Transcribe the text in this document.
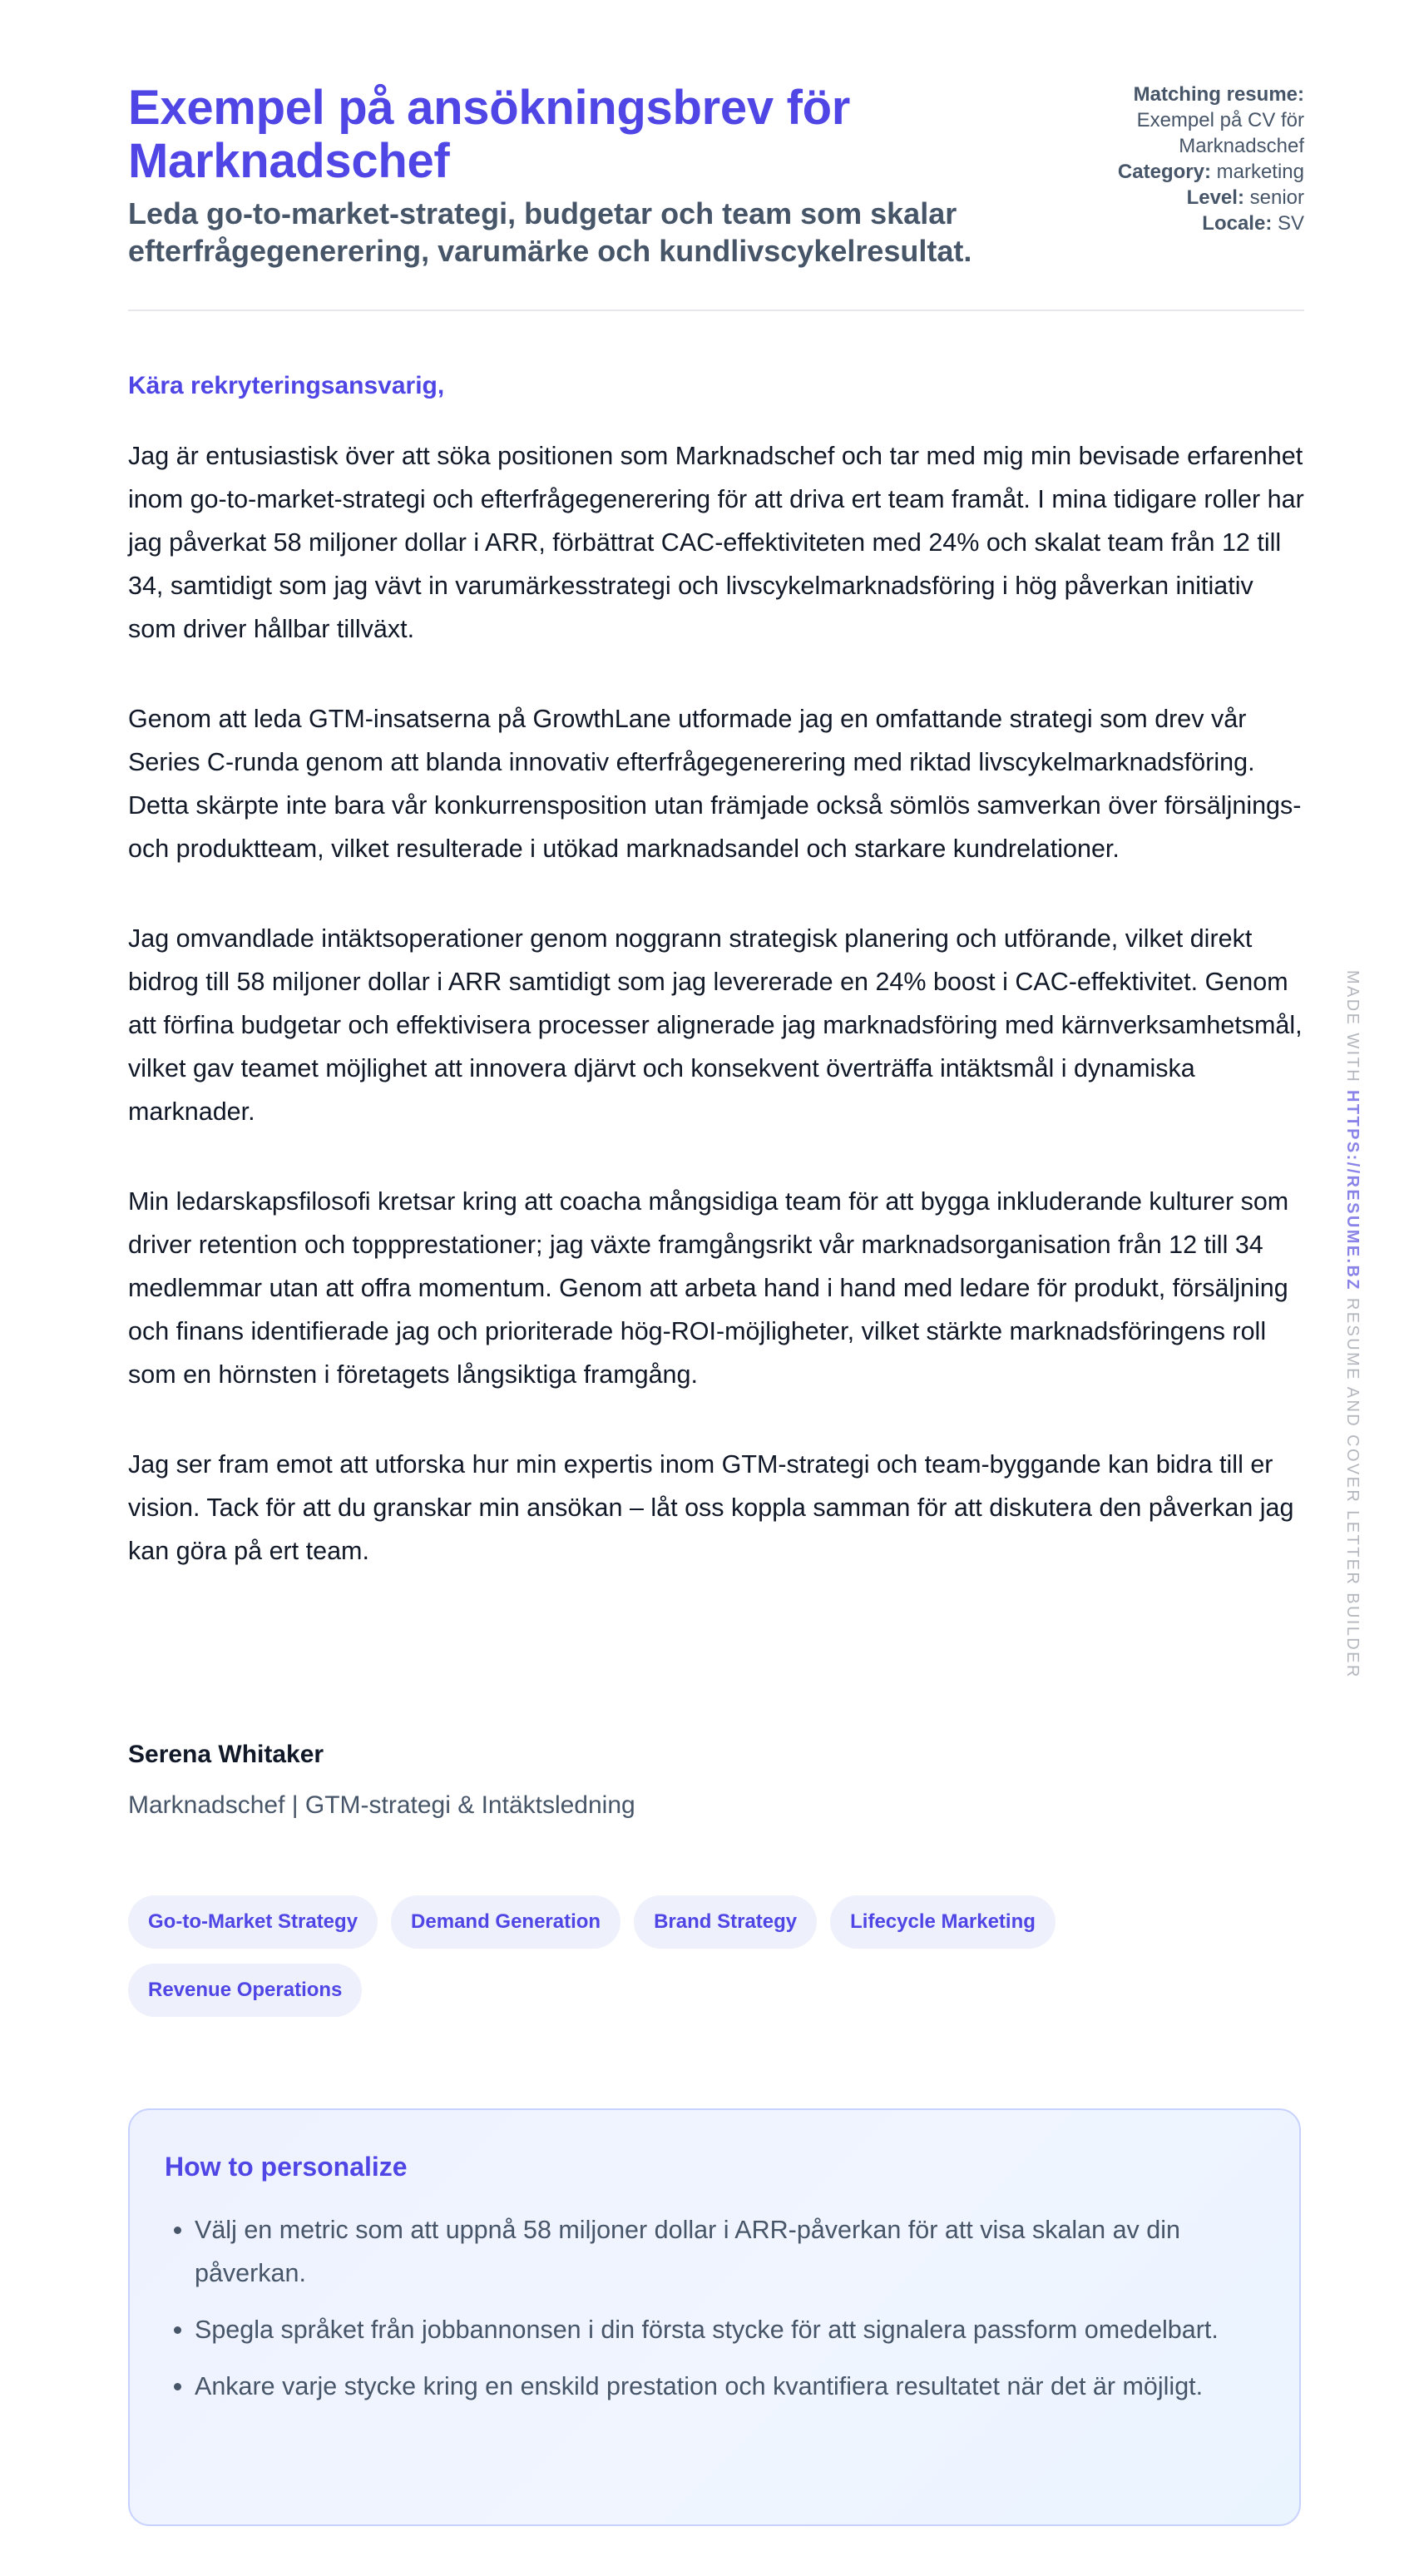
Exempel på ansökningsbrev för Marknadschef

Leda go-to-market-strategi, budgetar och team som skalar efterfrågegenerering, varumärke och kundlivscykelresultat.

Matching resume:
Exempel på CV för Marknadschef

Category: marketing

Level: senior

Locale: SV

Kära rekryteringsansvarig,

Jag är entusiastisk över att söka positionen som Marknadschef och tar med mig min bevisade erfarenhet inom go-to-market-strategi och efterfrågegenerering för att driva ert team framåt. I mina tidigare roller har jag påverkat 58 miljoner dollar i ARR, förbättrat CAC-effektiviteten med 24% och skalat team från 12 till 34, samtidigt som jag vävt in varumärkesstrategi och livscykelmarknadsföring i hög påverkan initiativ som driver hållbar tillväxt.

Genom att leda GTM-insatserna på GrowthLane utformade jag en omfattande strategi som drev vår Series C-runda genom att blanda innovativ efterfrågegenerering med riktad livscykelmarknadsföring. Detta skärpte inte bara vår konkurrensposition utan främjade också sömlös samverkan över försäljnings- och produktteam, vilket resulterade i utökad marknadsandel och starkare kundrelationer.

Jag omvandlade intäktsoperationer genom noggrann strategisk planering och utförande, vilket direkt bidrog till 58 miljoner dollar i ARR samtidigt som jag levererade en 24% boost i CAC-effektivitet. Genom att förfina budgetar och effektivisera processer alignerade jag marknadsföring med kärnverksamhetsmål, vilket gav teamet möjlighet att innovera djärvt och konsekvent överträffa intäktsmål i dynamiska marknader.

Min ledarskapsfilosofi kretsar kring att coacha mångsidiga team för att bygga inkluderande kulturer som driver retention och toppprestationer; jag växte framgångsrikt vår marknadsorganisation från 12 till 34 medlemmar utan att offra momentum. Genom att arbeta hand i hand med ledare för produkt, försäljning och finans identifierade jag och prioriterade hög-ROI-möjligheter, vilket stärkte marknadsföringens roll som en hörnsten i företagets långsiktiga framgång.

Jag ser fram emot att utforska hur min expertis inom GTM-strategi och team-byggande kan bidra till er vision. Tack för att du granskar min ansökan – låt oss koppla samman för att diskutera den påverkan jag kan göra på ert team.

Serena Whitaker

Marknadschef | GTM-strategi & Intäktsledning

Go-to-Market Strategy	Demand Generation	Brand Strategy	Lifecycle Marketing
Revenue Operations
How to personalize
• Välj en metric som att uppnå 58 miljoner dollar i ARR-påverkan för att visa skalan av din påverkan.
• Spegla språket från jobbannonsen i din första stycke för att signalera passform omedelbart.
• Ankare varje stycke kring en enskild prestation och kvantifiera resultatet när det är möjligt.
MADE WITH HTTPS://RESUME.BZ RESUME AND COVER LETTER BUILDER
